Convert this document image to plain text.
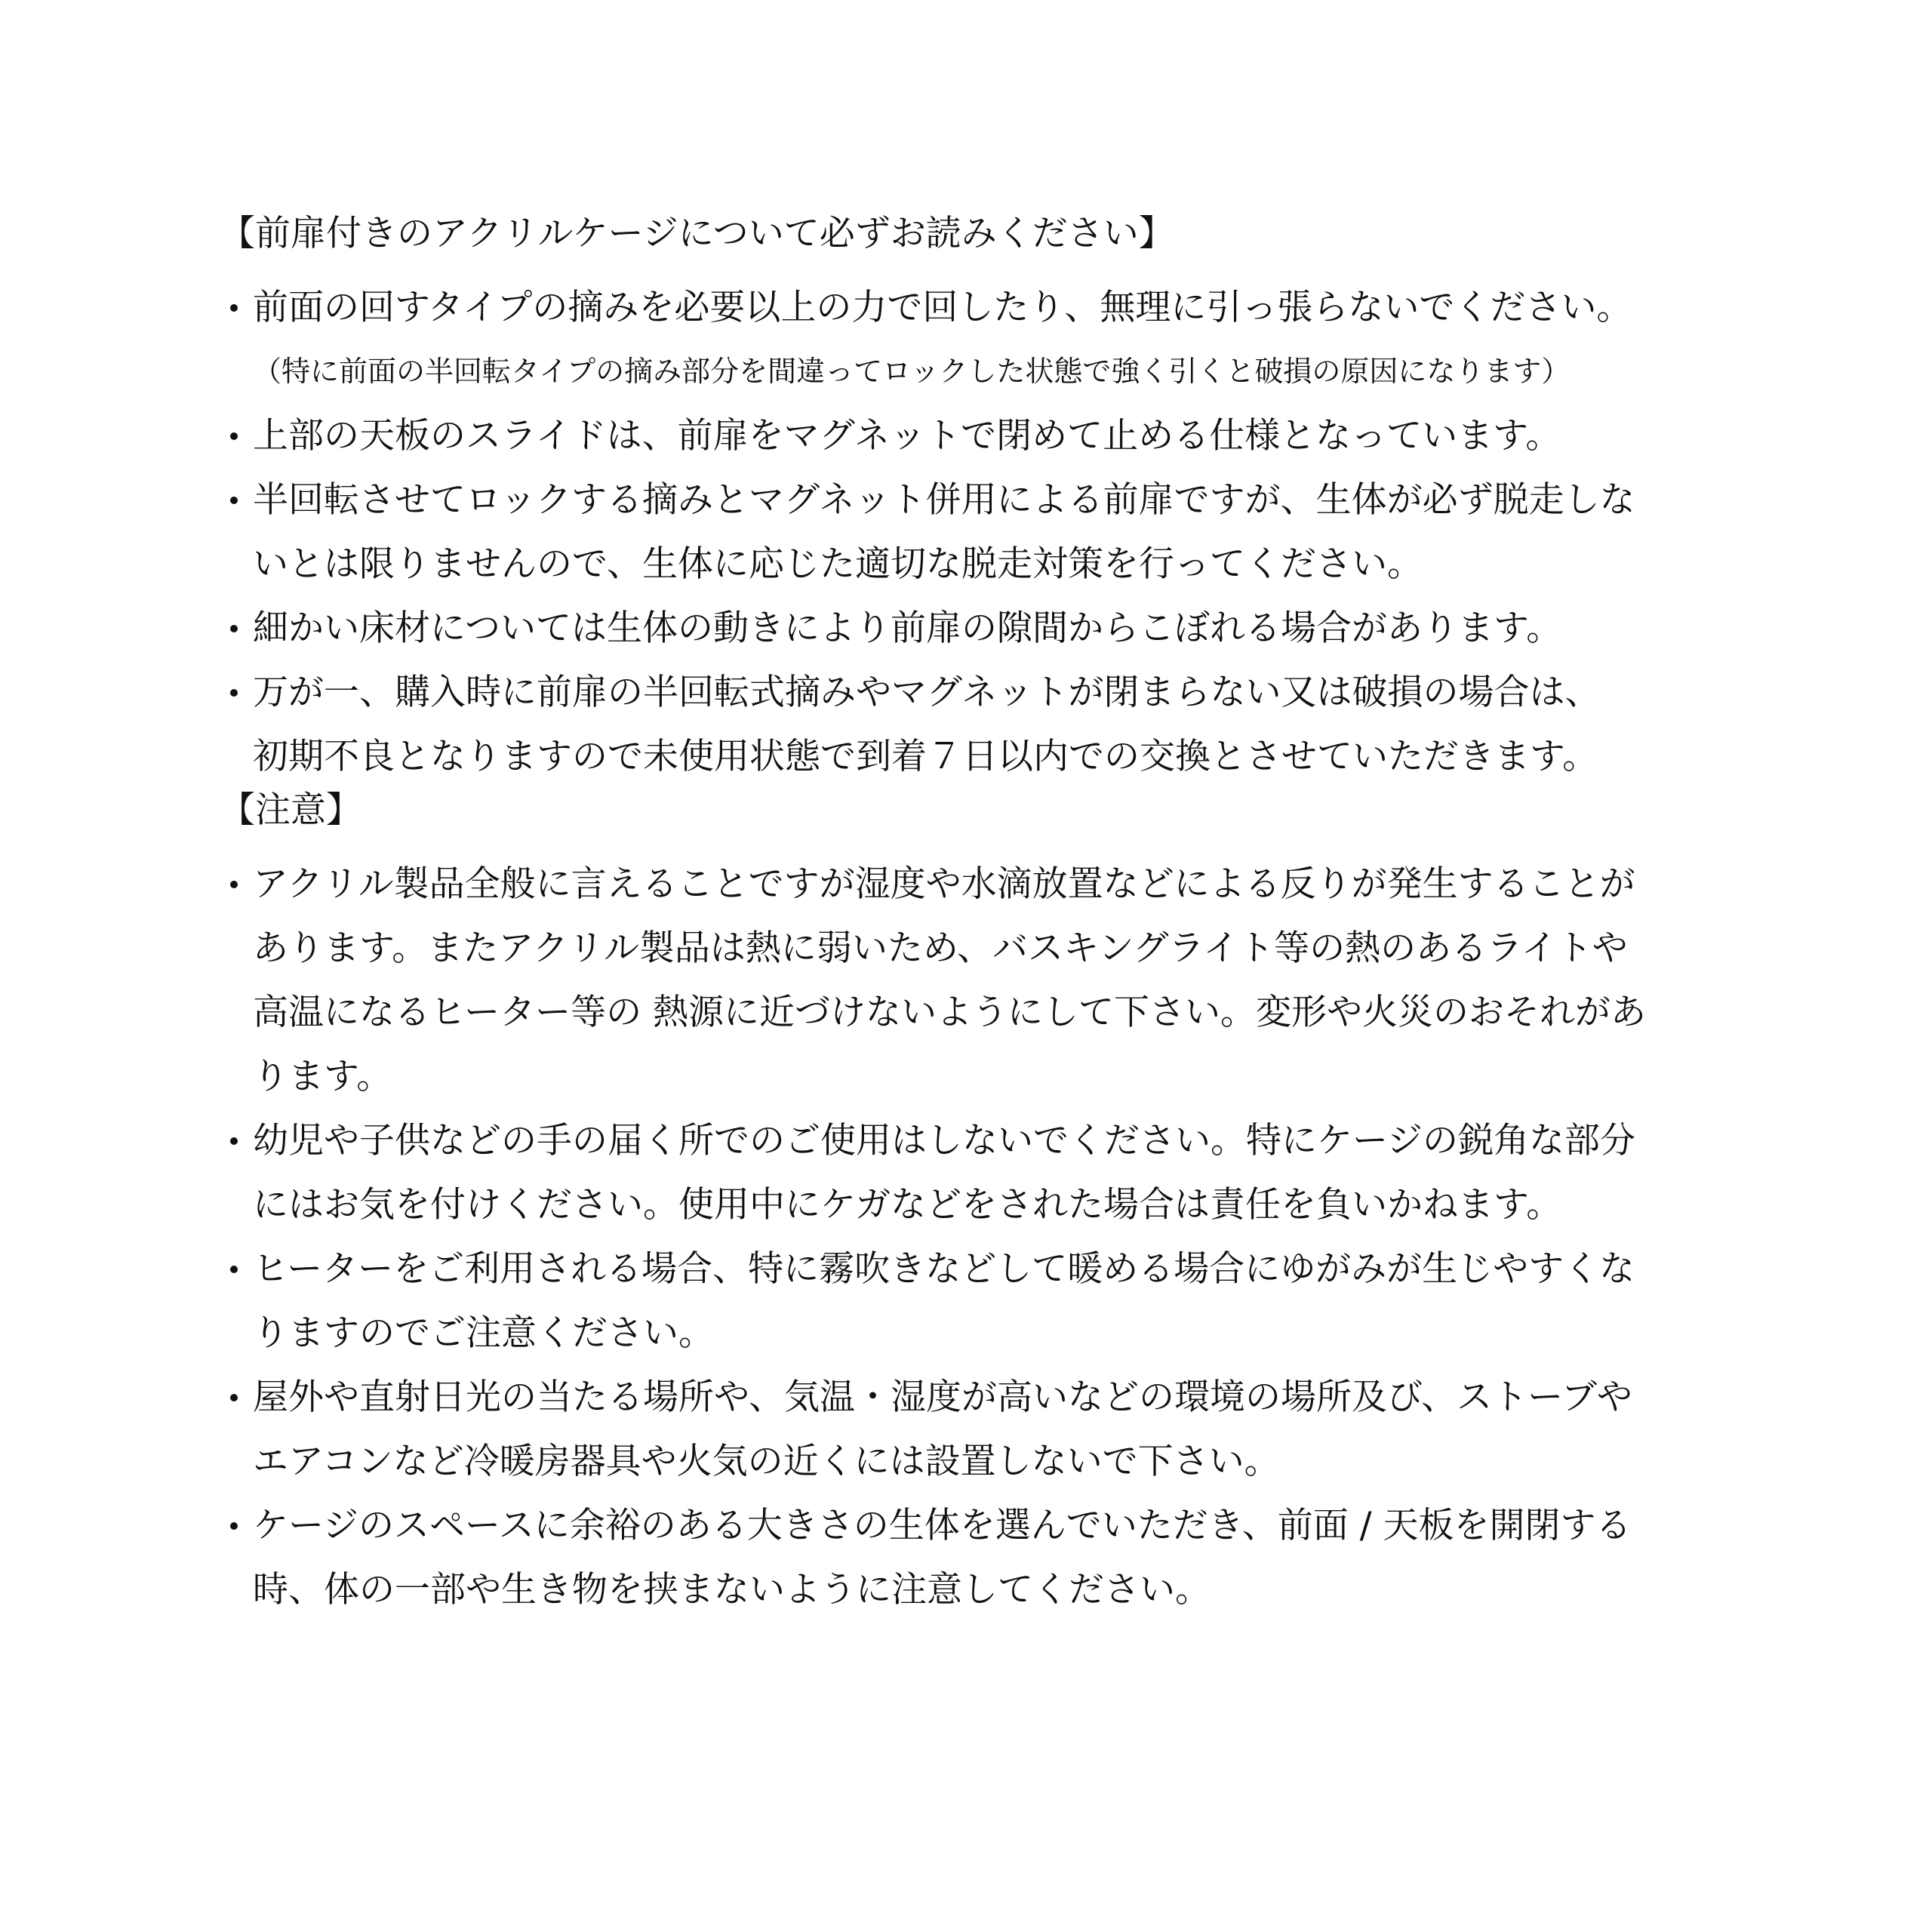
【前扉付きのアクリルケージについて必ずお読みください】
前面の回すタイプの摘みを必要以上の力で回したり、無理に引っ張らないでください。
（特に前面の半回転タイプの摘み部分を間違ってロックした状態で強く引くと破損の原因になります）
上部の天板のスライドは、前扉をマグネットで閉めて止める仕様となっています。
半回転させてロックする摘みとマグネット併用による前扉ですが、生体が必ず脱走しな
いとは限りませんので、生体に応じた適切な脱走対策を行ってください。
細かい床材については生体の動きにより前扉の隙間からこぼれる場合があります。
万が一、購入時に前扉の半回転式摘みやマグネットが閉まらない又は破損の場合は、
初期不良となりますので未使用状態で到着７日以内での交換とさせていただきます。
【注意】
アクリル製品全般に言えることですが湿度や水滴放置などによる反りが発生することが
あります。またアクリル製品は熱に弱いため、バスキングライト等の熱のあるライトや
高温になるヒーター等の 熱源に近づけないようにして下さい。変形や火災のおそれがあ
ります。
幼児や子供などの手の届く所でのご使用はしないでください。特にケージの鋭角な部分
にはお気を付けください。使用中にケガなどをされた場合は責任を負いかねます。
ヒーターをご利用される場合、特に霧吹きなどして暖める場合にゆがみが生じやすくな
りますのでご注意ください。
屋外や直射日光の当たる場所や、気温・湿度が高いなどの環境の場所及び、ストーブや
エアコンなど冷暖房器具や火気の近くには設置しないで下さい。
ケージのスペースに余裕のある大きさの生体を選んでいただき、前面 / 天板を開閉する
時、体の一部や生き物を挟まないように注意してください。
